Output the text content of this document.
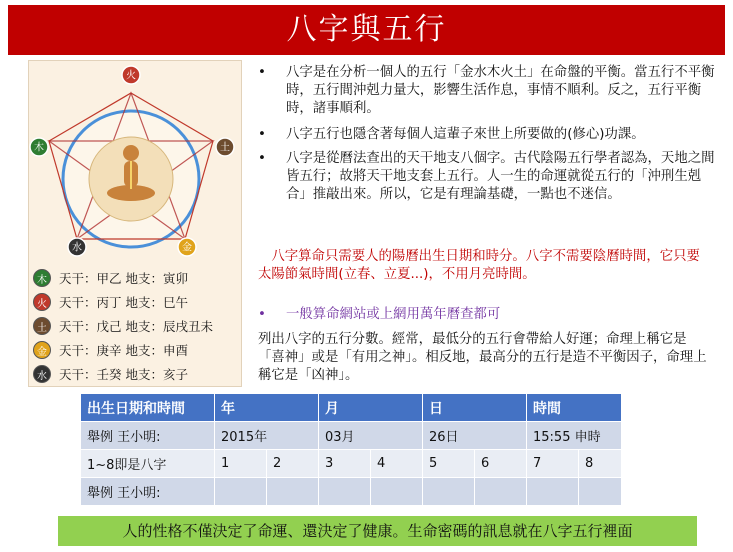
八字與五行
火
土
金
水
木
木 天干：甲乙 地支：寅卯
火 天干：丙丁 地支：巳午
土 天干：戊己 地支：辰戌丑未
金 天干：庚辛 地支：申酉
水 天干：壬癸 地支：亥子
• 八字是在分析一個人的五行「金水木火土」在命盤的平衡。當五行不平衡時，五行間沖剋力量大，影響生活作息，事情不順利。反之，五行平衡時，諸事順利。
• 八字五行也隱含著每個人這輩子來世上所要做的(修心)功課。
• 八字是從曆法查出的天干地支八個字。古代陰陽五行學者認為，天地之間皆五行；故將天干地支套上五行。人一生的命運就從五行的「沖刑生剋合」推敲出來。所以，它是有理論基礎，一點也不迷信。
八字算命只需要人的陽曆出生日期和時分。八字不需要陰曆時間，它只要太陽節氣時間(立春、立夏...)，不用月亮時間。
• 一般算命網站或上網用萬年曆查都可
列出八字的五行分數。經常，最低分的五行會帶給人好運；命理上稱它是「喜神」或是「有用之神」。相反地，最高分的五行是造不平衡因子，命理上稱它是「凶神」。
出生日期和時間	年		月		日		時間	
舉例 王小明:	2015年		03月		26日		15:55 申時	
1~8即是八字	1	2	3	4	5	6	7	8
舉例 王小明:								
人的性格不僅決定了命運、還決定了健康。生命密碼的訊息就在八字五行裡面
